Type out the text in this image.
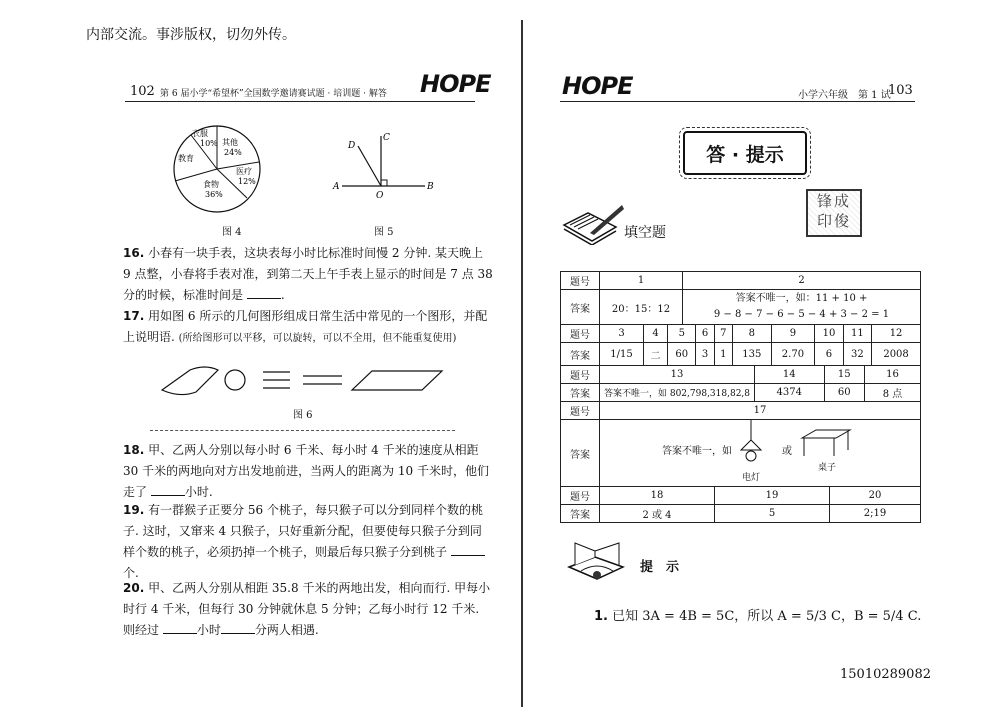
内部交流。事涉版权，切勿外传。
102 第 6 届小学“希望杯”全国数学邀请赛试题 · 培训题 · 解答	HOPE
衣服
10% 其他
24%
医疗
12%
食物
36%
教育
图 4
C
D
A
O
B
图 5
16. 小春有一块手表，这块表每小时比标准时间慢 2 分钟. 某天晚上 9 点整，小春将手表对准，到第二天上午手表上显示的时间是 7 点 38 分的时候，标准时间是	.
17. 用如图 6 所示的几何图形组成日常生活中常见的一个图形，并配上说明语. (所给图形可以平移，可以旋转，可以不全用，但不能重复使用)
图 6
18. 甲、乙两人分别以每小时 6 千米、每小时 4 千米的速度从相距 30 千米的两地向对方出发地前进，当两人的距离为 10 千米时，他们走了	小时.
19. 有一群猴子正要分 56 个桃子，每只猴子可以分到同样个数的桃子. 这时，又窜来 4 只猴子，只好重新分配，但要使每只猴子分到同样个数的桃子，必须扔掉一个桃子，则最后每只猴子分到桃子 个.
20. 甲、乙两人分别从相距 35.8 千米的两地出发，相向而行. 甲每小时行 4 千米，但每行 30 分钟就休息 5 分钟；乙每小时行 12 千米. 则经过	小时	分两人相遇.
HOPE	小学六年级　第 1 试
103
答 · 提示
锋成
印俊
填空题
题号	1	2
答案	20：15：12	答案不唯一，如：11 + 10 +
9 − 8 − 7 − 6 − 5 − 4 + 3 − 2 = 1
题号	3	4	5	6	7	8	9	10	11	12
答案	1/15	二	60	3	1	135	2.70	6	32	2008
题号	13	14	15	16
答案	答案不唯一，如 802,798,318,82,8	4374	60	8 点
题号	17
答案	答案不唯一，如
电灯
或
桌子
题号	18	19	20
答案	2 或 4	5	2;19
提　示
1. 已知 3A = 4B = 5C，所以 A = 5/3 C，B = 5/4 C.
15010289082
